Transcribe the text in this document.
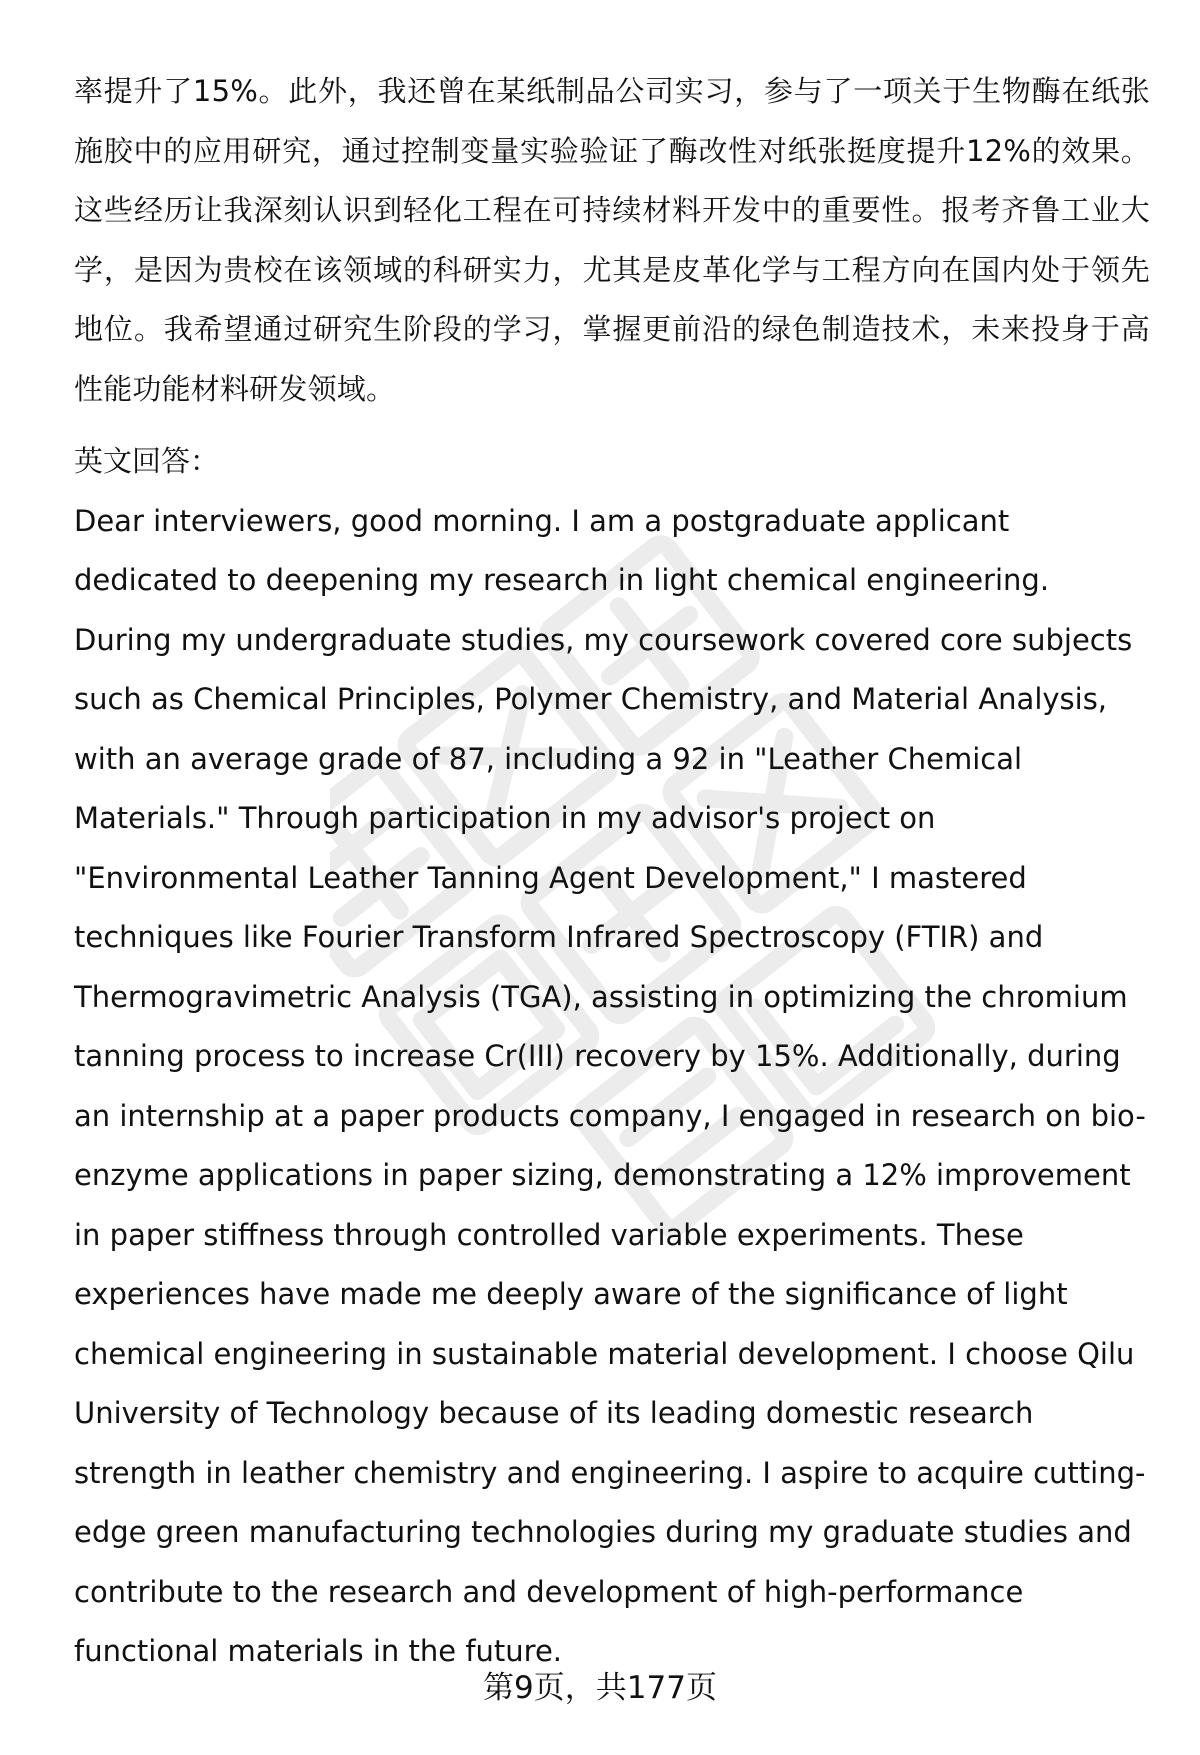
率提升了15%。此外，我还曾在某纸制品公司实习，参与了一项关于生物酶在纸张施胶中的应用研究，通过控制变量实验验证了酶改性对纸张挺度提升12%的效果。这些经历让我深刻认识到轻化工程在可持续材料开发中的重要性。报考齐鲁工业大学，是因为贵校在该领域的科研实力，尤其是皮革化学与工程方向在国内处于领先地位。我希望通过研究生阶段的学习，掌握更前沿的绿色制造技术，未来投身于高性能功能材料研发领域。

英文回答：

Dear interviewers, good morning. I am a postgraduate applicant dedicated to deepening my research in light chemical engineering. During my undergraduate studies, my coursework covered core subjects such as Chemical Principles, Polymer Chemistry, and Material Analysis, with an average grade of 87, including a 92 in "Leather Chemical Materials." Through participation in my advisor's project on "Environmental Leather Tanning Agent Development," I mastered techniques like Fourier Transform Infrared Spectroscopy (FTIR) and Thermogravimetric Analysis (TGA), assisting in optimizing the chromium tanning process to increase Cr(III) recovery by 15%. Additionally, during an internship at a paper products company, I engaged in research on bio-enzyme applications in paper sizing, demonstrating a 12% improvement in paper stiffness through controlled variable experiments. These experiences have made me deeply aware of the significance of light chemical engineering in sustainable material development. I choose Qilu University of Technology because of its leading domestic research strength in leather chemistry and engineering. I aspire to acquire cutting-edge green manufacturing technologies during my graduate studies and contribute to the research and development of high-performance functional materials in the future.

第9页，共177页
